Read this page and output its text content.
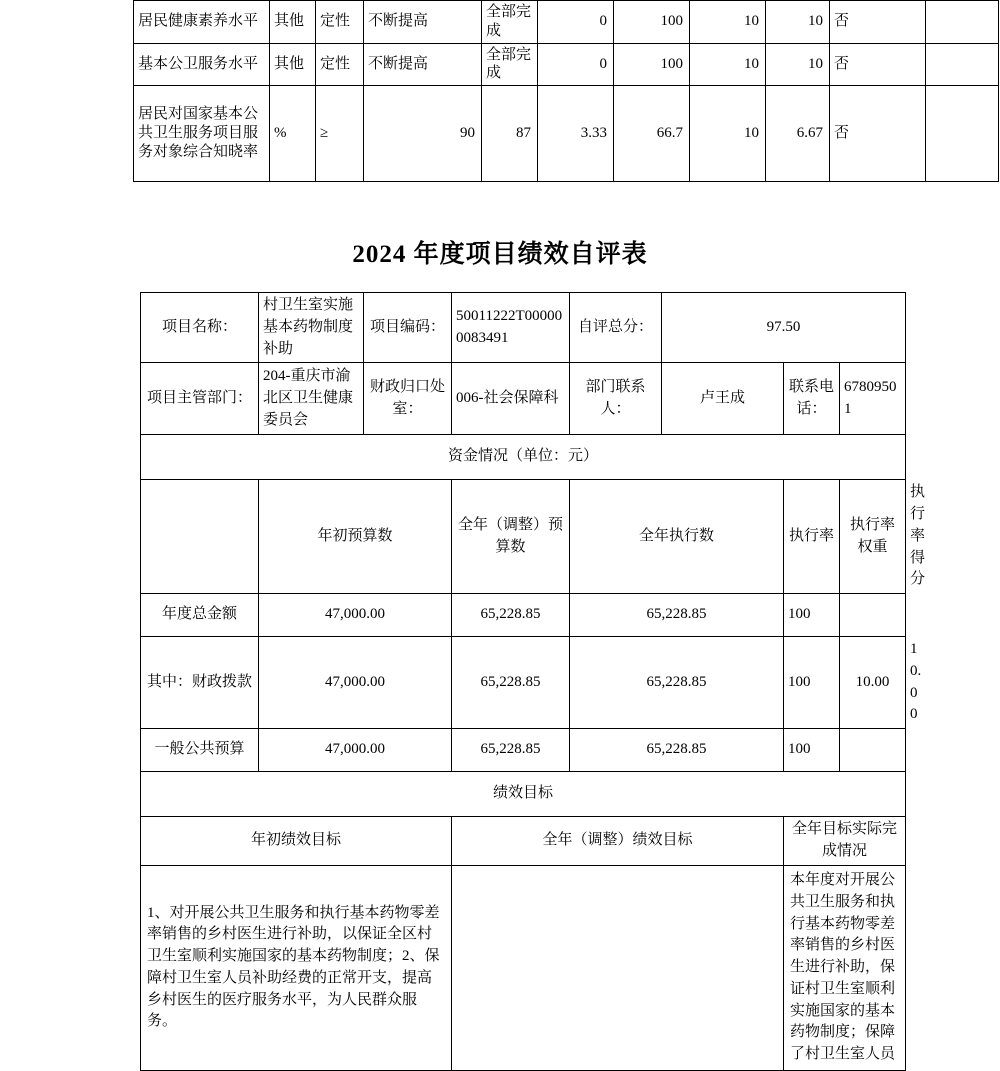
居民健康素养水平	其他	定性	不断提高	全部完成	0	100	10	10	否	
基本公卫服务水平	其他	定性	不断提高	全部完成	0	100	10	10	否	
居民对国家基本公共卫生服务项目服务对象综合知晓率	%	≥	90	87	3.33	66.7	10	6.67	否	
2024 年度项目绩效自评表
项目名称：	村卫生室实施基本药物制度补助	项目编码：	50011222T000000083491	自评总分：	97.50			
项目主管部门：	204-重庆市渝北区卫生健康委员会	财政归口处室：	006-社会保障科	部门联系人：	卢王成	联系电话：	67809501	
资金情况（单位：元）								
	年初预算数		全年（调整）预算数	全年执行数		执行率	执行率权重	执行率得分
年度总金额	47,000.00		65,228.85	65,228.85		100		
其中：财政拨款	47,000.00		65,228.85	65,228.85		100	10.00	10.00
一般公共预算	47,000.00		65,228.85	65,228.85		100		
绩效目标								
年初绩效目标			全年（调整）绩效目标			全年目标实际完成情况		
1、对开展公共卫生服务和执行基本药物零差率销售的乡村医生进行补助，以保证全区村卫生室顺利实施国家的基本药物制度；2、保障村卫生室人员补助经费的正常开支，提高乡村医生的医疗服务水平，为人民群众服务。						本年度对开展公共卫生服务和执行基本药物零差率销售的乡村医生进行补助，保证村卫生室顺利实施国家的基本药物制度；保障了村卫生室人员		
